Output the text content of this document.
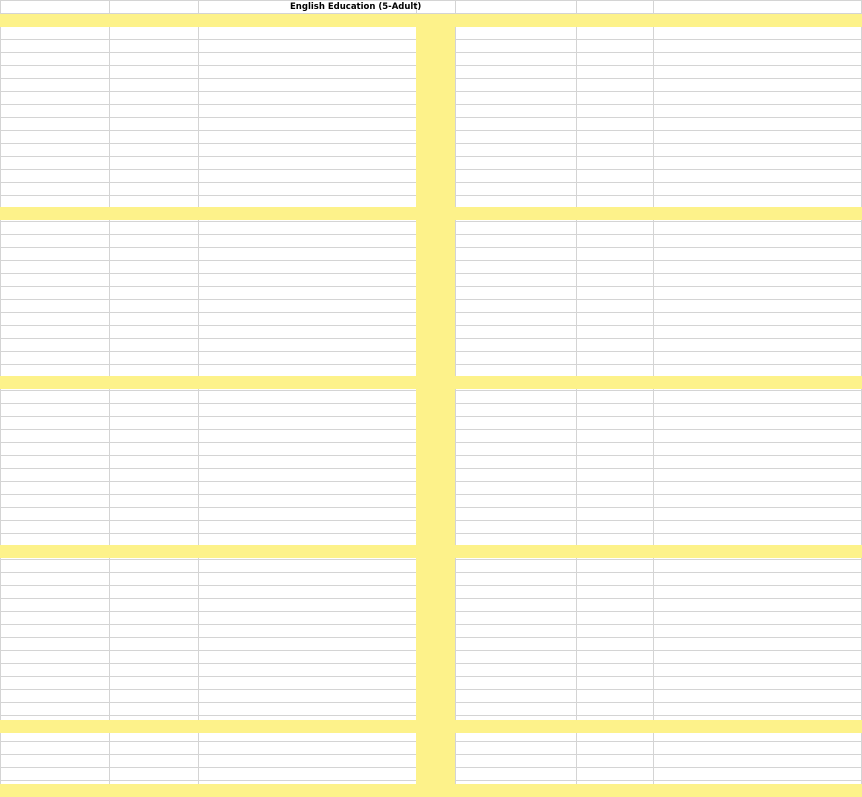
English Education (5-Adult)
